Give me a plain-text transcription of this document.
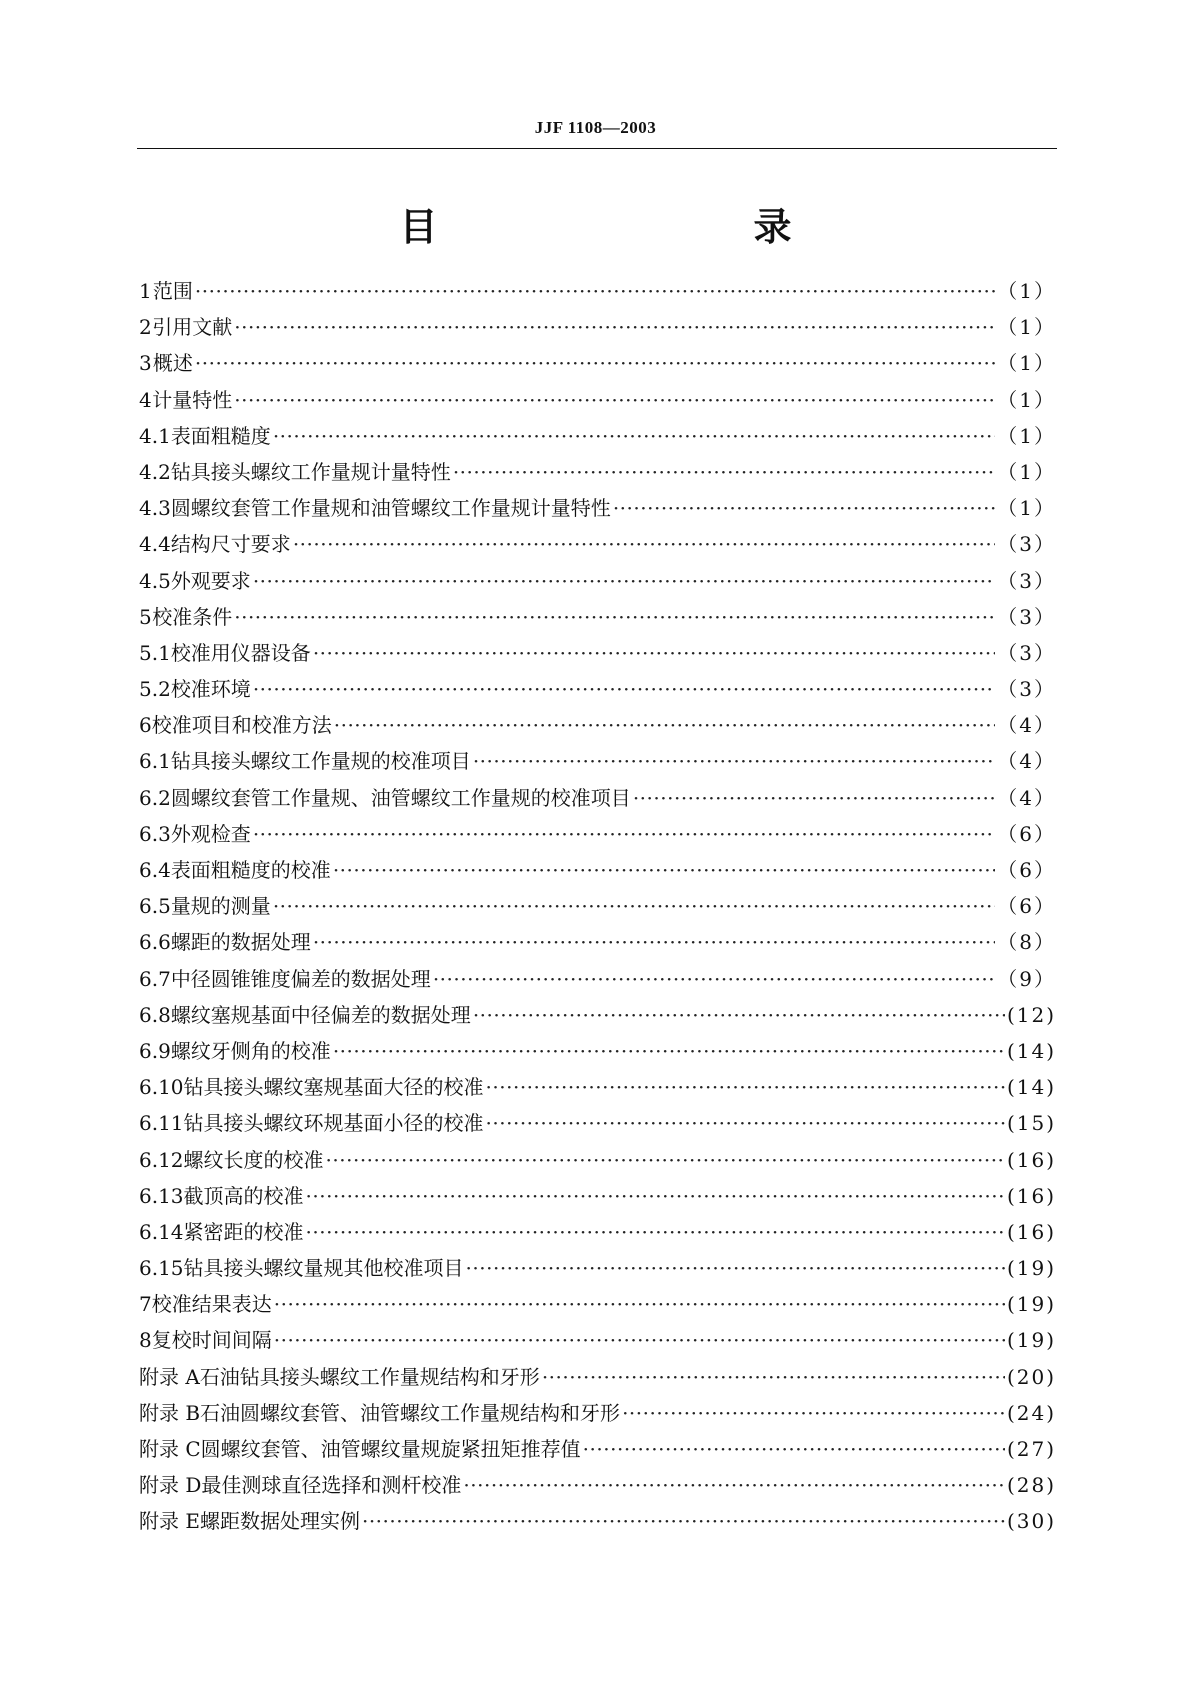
JJF 1108—2003
目　　录
1 范围 ·····	（1）
2 引用文献 ·····	（1）
3 概述 ·····	（1）
4 计量特性 ·····	（1）
4.1 表面粗糙度 ·····	（1）
4.2 钻具接头螺纹工作量规计量特性 ·····	（1）
4.3 圆螺纹套管工作量规和油管螺纹工作量规计量特性 ·····	（1）
4.4 结构尺寸要求 ·····	（3）
4.5 外观要求 ·····	（3）
5 校准条件 ·····	（3）
5.1 校准用仪器设备 ·····	（3）
5.2 校准环境 ·····	（3）
6 校准项目和校准方法 ·····	（4）
6.1 钻具接头螺纹工作量规的校准项目 ·····	（4）
6.2 圆螺纹套管工作量规、油管螺纹工作量规的校准项目 ·····	（4）
6.3 外观检查 ·····	（6）
6.4 表面粗糙度的校准 ·····	（6）
6.5 量规的测量 ·····	（6）
6.6 螺距的数据处理 ·····	（8）
6.7 中径圆锥锥度偏差的数据处理 ·····	（9）
6.8 螺纹塞规基面中径偏差的数据处理 ·····	(12)
6.9 螺纹牙侧角的校准 ·····	(14)
6.10 钻具接头螺纹塞规基面大径的校准 ·····	(14)
6.11 钻具接头螺纹环规基面小径的校准 ·····	(15)
6.12 螺纹长度的校准 ·····	(16)
6.13 截顶高的校准 ·····	(16)
6.14 紧密距的校准 ·····	(16)
6.15 钻具接头螺纹量规其他校准项目 ·····	(19)
7 校准结果表达 ·····	(19)
8 复校时间间隔 ·····	(19)
附录 A 石油钻具接头螺纹工作量规结构和牙形 ·····	(20)
附录 B 石油圆螺纹套管、油管螺纹工作量规结构和牙形 ·····	(24)
附录 C 圆螺纹套管、油管螺纹量规旋紧扭矩推荐值 ·····	(27)
附录 D 最佳测球直径选择和测杆校准 ·····	(28)
附录 E 螺距数据处理实例 ·····	(30)
